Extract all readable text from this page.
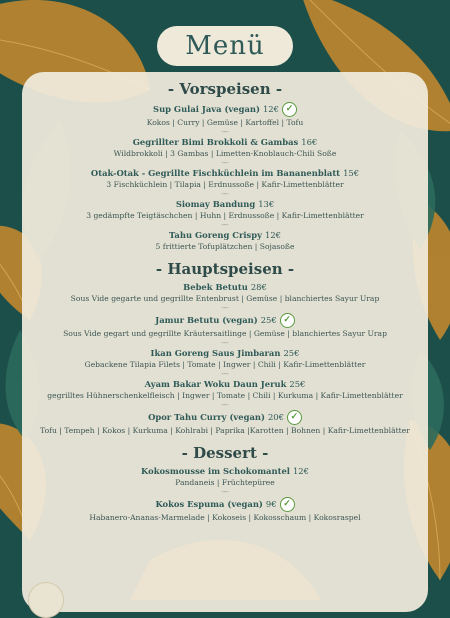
Menü
- Vorspeisen -
Sup Gulai Java (vegan) 12€ ✓
Kokos | Curry | Gemüse | Kartoffel | Tofu
---
Gegrillter Bimi Brokkoli & Gambas 16€
Wildbrokkoli | 3 Gambas | Limetten-Knoblauch-Chili Soße
---
Otak-Otak - Gegrillte Fischküchlein im Bananenblatt 15€
3 Fischküchlein | Tilapia | Erdnussoße | Kafir-Limettenblätter
---
Siomay Bandung 13€
3 gedämpfte Teigtäschchen | Huhn | Erdnussoße | Kafir-Limettenblätter
---
Tahu Goreng Crispy 12€
5 frittierte Tofuplätzchen | Sojasoße
- Hauptspeisen -
Bebek Betutu 28€
Sous Vide gegarte und gegrillte Entenbrust | Gemüse | blanchiertes Sayur Urap
---
Jamur Betutu (vegan) 25€ ✓
Sous Vide gegart und gegrillte Kräutersaitlinge | Gemüse | blanchiertes Sayur Urap
---
Ikan Goreng Saus Jimbaran 25€
Gebackene Tilapia Filets | Tomate | Ingwer | Chili | Kafir-Limettenblätter
---
Ayam Bakar Woku Daun Jeruk 25€
gegrilltes Hühnerschenkelfleisch | Ingwer | Tomate | Chili | Kurkuma | Kafir-Limettenblätter
---
Opor Tahu Curry (vegan) 20€ ✓
Tofu | Tempeh | Kokos | Kurkuma | Kohlrabi | Paprika |Karotten | Bohnen | Kafir-Limettenblätter
- Dessert -
Kokosmousse im Schokomantel 12€
Pandaneis | Früchtepüree
---
Kokos Espuma (vegan) 9€ ✓
Habanero-Ananas-Marmelade | Kokoseis | Kokosschaum | Kokosraspel
